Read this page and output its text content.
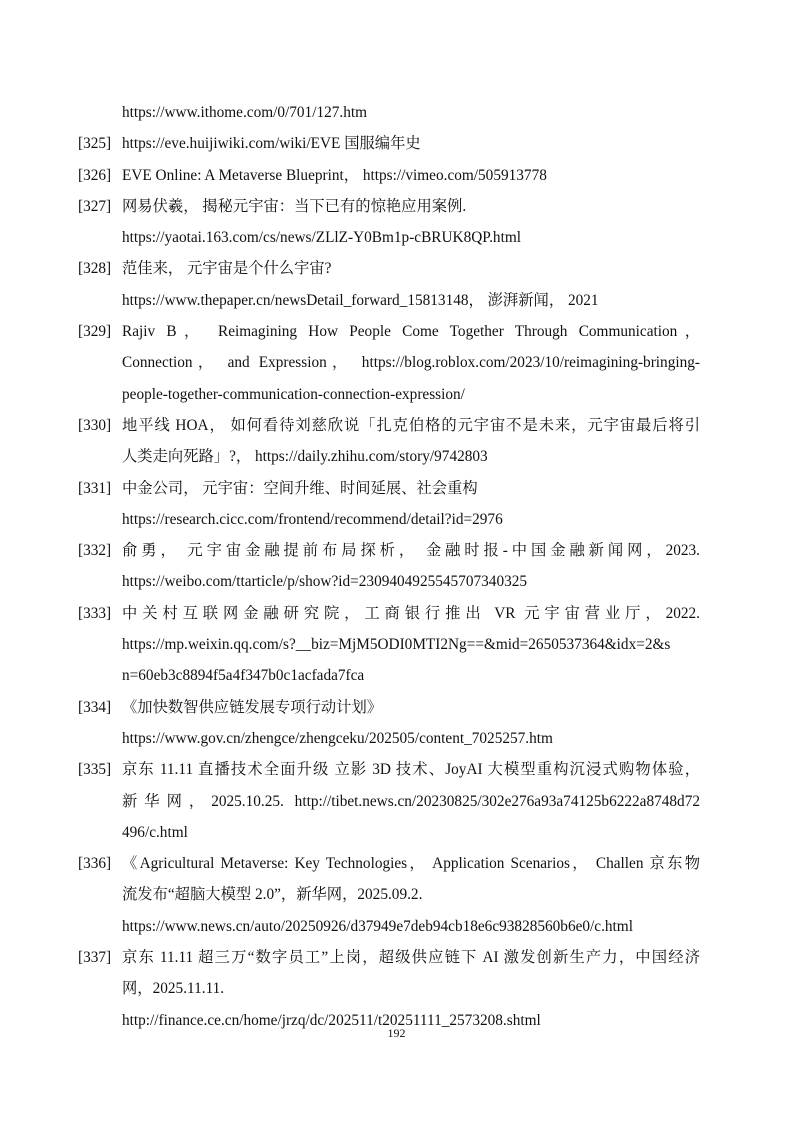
https://www.ithome.com/0/701/127.htm
[325] https://eve.huijiwiki.com/wiki/EVE 国服编年史
[326] EVE Online: A Metaverse Blueprint， https://vimeo.com/505913778
[327] 网易伏羲， 揭秘元宇宙：当下已有的惊艳应用案例.
https://yaotai.163.com/cs/news/ZLlZ-Y0Bm1p-cBRUK8QP.html
[328] 范佳来， 元宇宙是个什么宇宙?
https://www.thepaper.cn/newsDetail_forward_15813148， 澎湃新闻， 2021
[329] Rajiv B， Reimagining How People Come Together Through Communication，
Connection， and Expression， https://blog.roblox.com/2023/10/reimagining-bringing-
people-together-communication-connection-expression/
[330] 地平线 HOA， 如何看待刘慈欣说「扎克伯格的元宇宙不是未来，元宇宙最后将引
人类走向死路」?， https://daily.zhihu.com/story/9742803
[331] 中金公司， 元宇宙：空间升维、时间延展、社会重构
https://research.cicc.com/frontend/recommend/detail?id=2976
[332] 俞勇， 元宇宙金融提前布局探析， 金融时报-中国金融新闻网，2023.
https://weibo.com/ttarticle/p/show?id=2309404925545707340325
[333] 中关村互联网金融研究院，工商银行推出 VR 元宇宙营业厅，2022.
https://mp.weixin.qq.com/s?__biz=MjM5ODI0MTI2Ng==&mid=2650537364&idx=2&s
n=60eb3c8894f5a4f347b0c1acfada7fca
[334] 《加快数智供应链发展专项行动计划》
https://www.gov.cn/zhengce/zhengceku/202505/content_7025257.htm
[335] 京东 11.11 直播技术全面升级 立影 3D 技术、JoyAI 大模型重构沉浸式购物体验，
新华网，2025.10.25. http://tibet.news.cn/20230825/302e276a93a74125b6222a8748d72
496/c.html
[336] 《Agricultural Metaverse: Key Technologies， Application Scenarios， Challen 京东物
流发布“超脑大模型 2.0”，新华网，2025.09.2.
https://www.news.cn/auto/20250926/d37949e7deb94cb18e6c93828560b6e0/c.html
[337] 京东 11.11 超三万“数字员工”上岗，超级供应链下 AI 激发创新生产力，中国经济
网，2025.11.11.
http://finance.ce.cn/home/jrzq/dc/202511/t20251111_2573208.shtml
192
